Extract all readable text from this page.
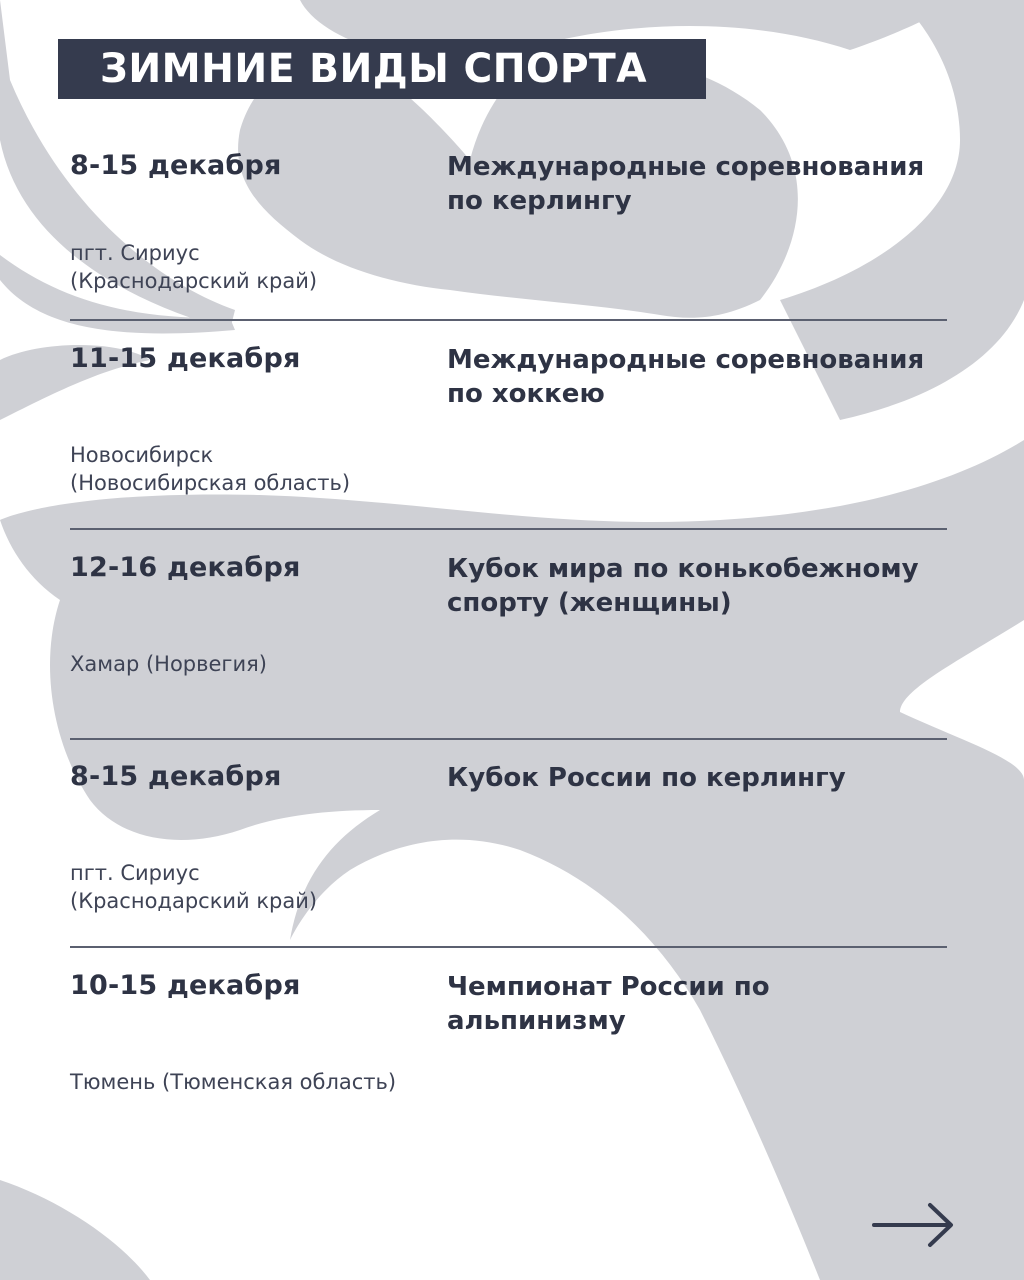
ЗИМНИЕ ВИДЫ СПОРТА
8-15 декабря	Международные соревнования
по керлингу
пгт. Сириус
(Краснодарский край)
11-15 декабря	Международные соревнования
по хоккею
Новосибирск
(Новосибирская область)
12-16 декабря	Кубок мира по конькобежному
спорту (женщины)
Хамар (Норвегия)
8-15 декабря	Кубок России по керлингу
пгт. Сириус
(Краснодарский край)
10-15 декабря	Чемпионат России по альпинизму
Тюмень (Тюменская область)
